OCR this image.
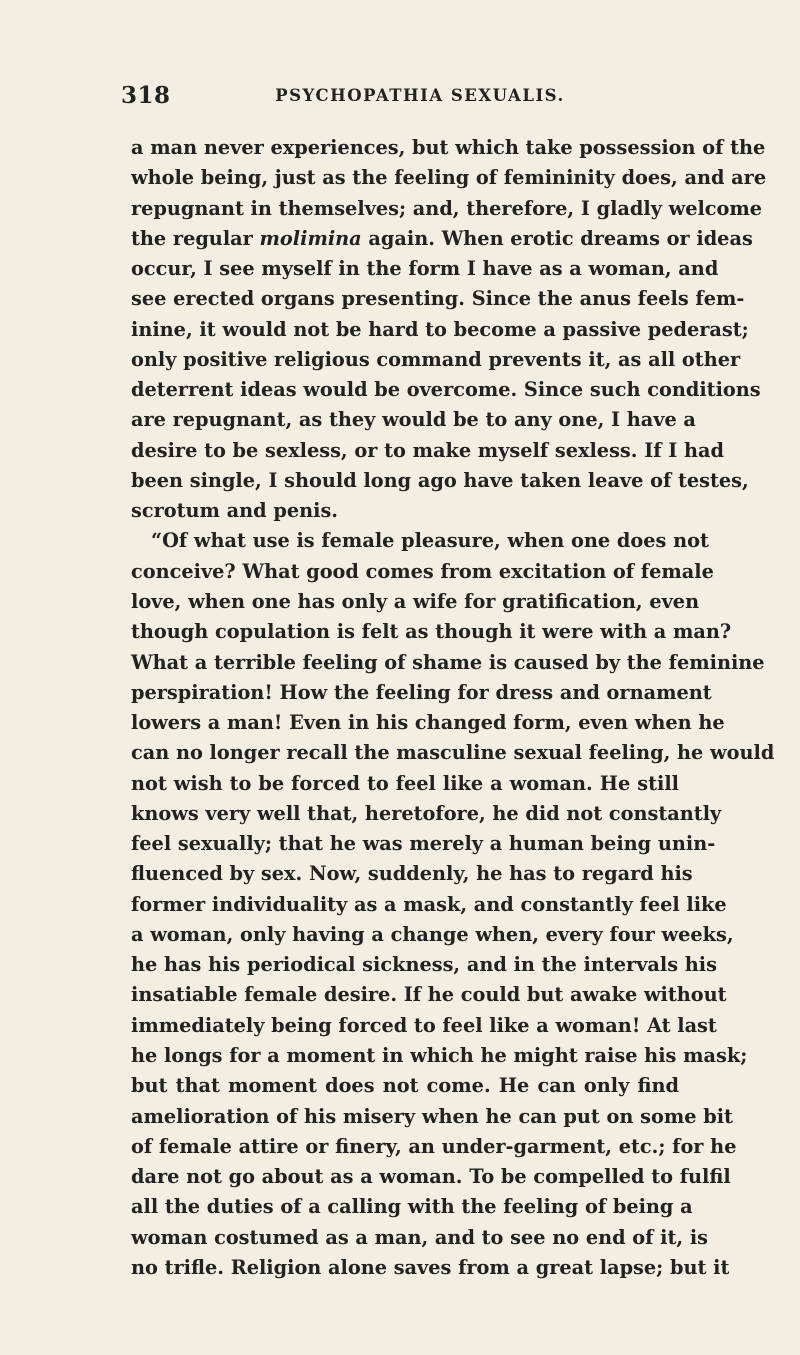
318	PSYCHOPATHIA SEXUALIS.
a man never experiences, but which take possession of the
whole being, just as the feeling of femininity does, and are
repugnant in themselves; and, therefore, I gladly welcome
the regular molimina again. When erotic dreams or ideas
occur, I see myself in the form I have as a woman, and
see erected organs presenting. Since the anus feels fem-
inine, it would not be hard to become a passive pederast;
only positive religious command prevents it, as all other
deterrent ideas would be overcome. Since such conditions
are repugnant, as they would be to any one, I have a
desire to be sexless, or to make myself sexless. If I had
been single, I should long ago have taken leave of testes,
scrotum and penis.
“Of what use is female pleasure, when one does not
conceive? What good comes from excitation of female
love, when one has only a wife for gratification, even
though copulation is felt as though it were with a man?
What a terrible feeling of shame is caused by the feminine
perspiration! How the feeling for dress and ornament
lowers a man! Even in his changed form, even when he
can no longer recall the masculine sexual feeling, he would
not wish to be forced to feel like a woman. He still
knows very well that, heretofore, he did not constantly
feel sexually; that he was merely a human being unin-
fluenced by sex. Now, suddenly, he has to regard his
former individuality as a mask, and constantly feel like
a woman, only having a change when, every four weeks,
he has his periodical sickness, and in the intervals his
insatiable female desire. If he could but awake without
immediately being forced to feel like a woman! At last
he longs for a moment in which he might raise his mask;
but that moment does not come. He can only find
amelioration of his misery when he can put on some bit
of female attire or finery, an under-garment, etc.; for he
dare not go about as a woman. To be compelled to fulfil
all the duties of a calling with the feeling of being a
woman costumed as a man, and to see no end of it, is
no trifle. Religion alone saves from a great lapse; but it
